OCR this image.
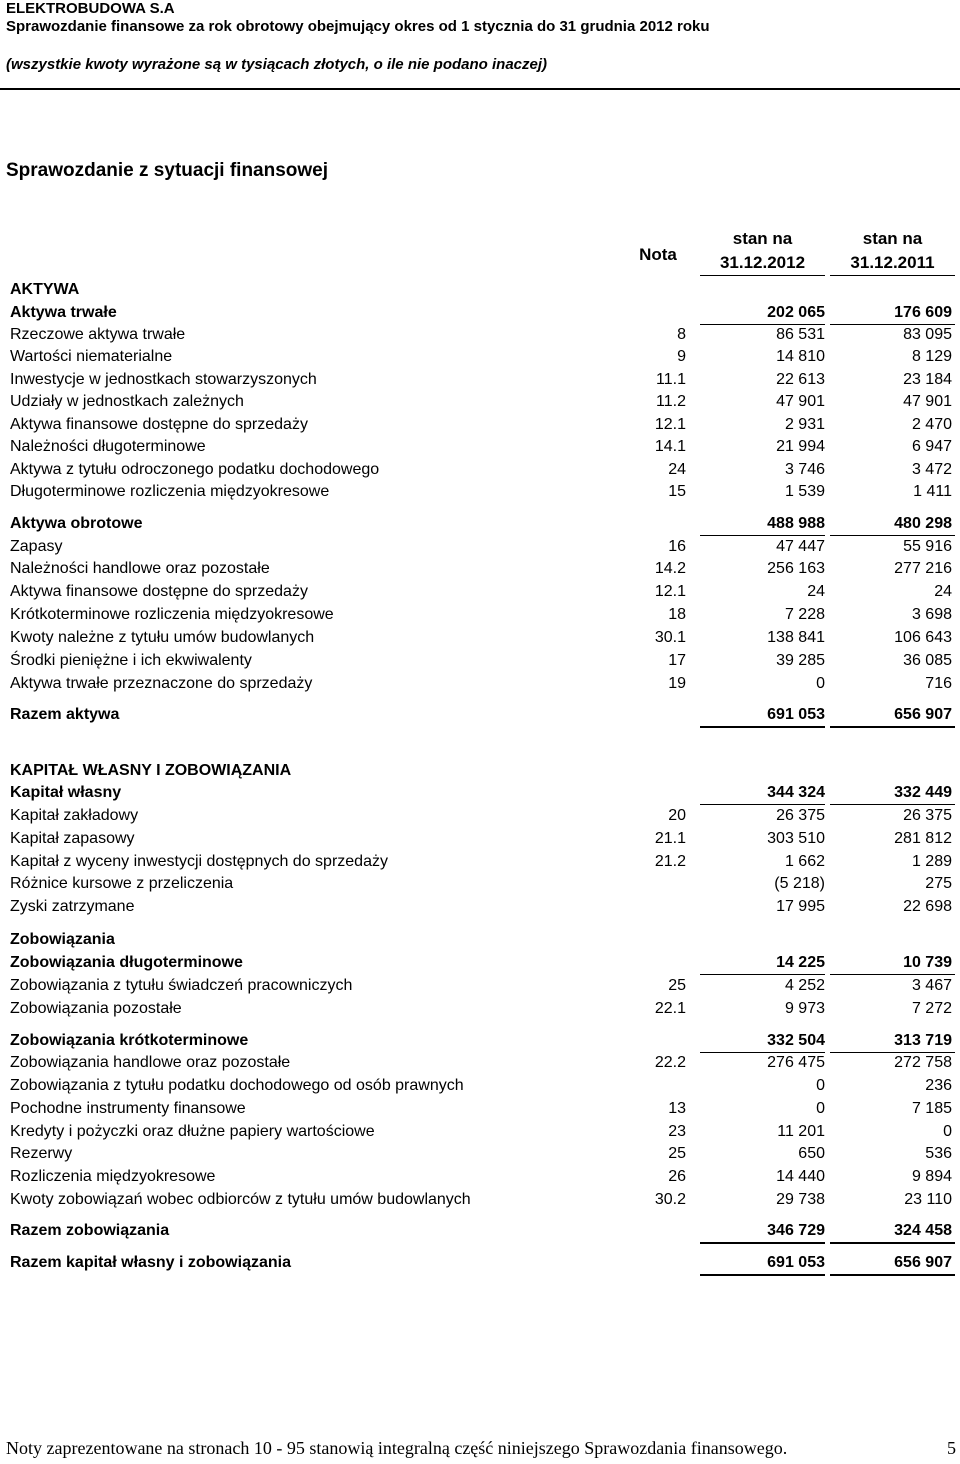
ELEKTROBUDOWA S.A
Sprawozdanie finansowe za rok obrotowy obejmujący okres od 1 stycznia do 31 grudnia 2012 roku
(wszystkie kwoty wyrażone są w tysiącach złotych, o ile nie podano inaczej)
Sprawozdanie z sytuacji finansowej
Nota
stan na
31.12.2012
stan na
31.12.2011
AKTYWA
Aktywa trwałe	202 065	176 609
Rzeczowe aktywa trwałe	8	86 531	83 095
Wartości niematerialne	9	14 810	8 129
Inwestycje w jednostkach stowarzyszonych	11.1	22 613	23 184
Udziały w jednostkach zależnych	11.2	47 901	47 901
Aktywa finansowe dostępne do sprzedaży	12.1	2 931	2 470
Należności długoterminowe	14.1	21 994	6 947
Aktywa z tytułu odroczonego podatku dochodowego	24	3 746	3 472
Długoterminowe rozliczenia międzyokresowe	15	1 539	1 411
Aktywa obrotowe	488 988	480 298
Zapasy	16	47 447	55 916
Należności handlowe oraz pozostałe	14.2	256 163	277 216
Aktywa finansowe dostępne do sprzedaży	12.1	24	24
Krótkoterminowe rozliczenia międzyokresowe	18	7 228	3 698
Kwoty należne z tytułu umów budowlanych	30.1	138 841	106 643
Środki pieniężne i ich ekwiwalenty	17	39 285	36 085
Aktywa trwałe przeznaczone do sprzedaży	19	0	716
Razem aktywa	691 053	656 907
KAPITAŁ WŁASNY I ZOBOWIĄZANIA
Kapitał własny	344 324	332 449
Kapitał zakładowy	20	26 375	26 375
Kapitał zapasowy	21.1	303 510	281 812
Kapitał z wyceny inwestycji dostępnych do sprzedaży	21.2	1 662	1 289
Różnice kursowe z przeliczenia	(5 218)	275
Zyski zatrzymane	17 995	22 698
Zobowiązania
Zobowiązania długoterminowe	14 225	10 739
Zobowiązania z tytułu świadczeń pracowniczych	25	4 252	3 467
Zobowiązania pozostałe	22.1	9 973	7 272
Zobowiązania krótkoterminowe	332 504	313 719
Zobowiązania handlowe oraz pozostałe	22.2	276 475	272 758
Zobowiązania z tytułu podatku dochodowego od osób prawnych	0	236
Pochodne instrumenty finansowe	13	0	7 185
Kredyty i pożyczki oraz dłużne papiery wartościowe	23	11 201	0
Rezerwy	25	650	536
Rozliczenia międzyokresowe	26	14 440	9 894
Kwoty zobowiązań wobec odbiorców z tytułu umów budowlanych	30.2	29 738	23 110
Razem zobowiązania	346 729	324 458
Razem kapitał własny i zobowiązania	691 053	656 907
Noty zaprezentowane na stronach 10 - 95 stanowią integralną część niniejszego Sprawozdania finansowego.	5
